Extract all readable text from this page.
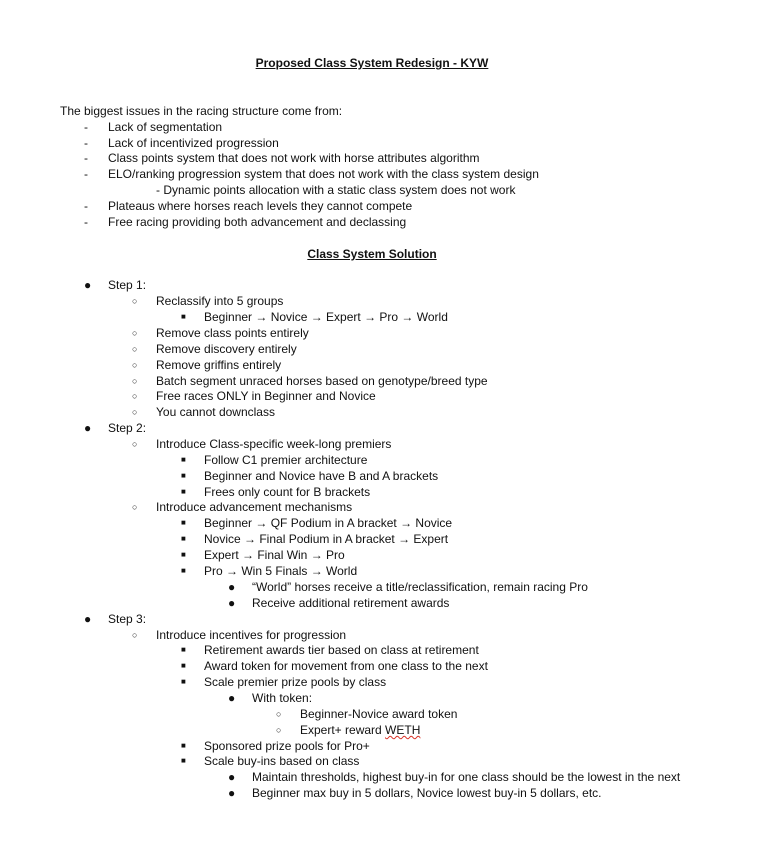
Proposed Class System Redesign - KYW
The biggest issues in the racing structure come from:
- Lack of segmentation
- Lack of incentivized progression
- Class points system that does not work with horse attributes algorithm
- ELO/ranking progression system that does not work with the class system design
- Dynamic points allocation with a static class system does not work
- Plateaus where horses reach levels they cannot compete
- Free racing providing both advancement and declassing
Class System Solution
● Step 1:
○ Reclassify into 5 groups
■ Beginner → Novice → Expert → Pro → World
○ Remove class points entirely
○ Remove discovery entirely
○ Remove griffins entirely
○ Batch segment unraced horses based on genotype/breed type
○ Free races ONLY in Beginner and Novice
○ You cannot downclass
● Step 2:
○ Introduce Class-specific week-long premiers
■ Follow C1 premier architecture
■ Beginner and Novice have B and A brackets
■ Frees only count for B brackets
○ Introduce advancement mechanisms
■ Beginner → QF Podium in A bracket → Novice
■ Novice → Final Podium in A bracket → Expert
■ Expert → Final Win → Pro
■ Pro → Win 5 Finals → World
● “World” horses receive a title/reclassification, remain racing Pro
● Receive additional retirement awards
● Step 3:
○ Introduce incentives for progression
■ Retirement awards tier based on class at retirement
■ Award token for movement from one class to the next
■ Scale premier prize pools by class
● With token:
○ Beginner-Novice award token
○ Expert+ reward WETH
■ Sponsored prize pools for Pro+
■ Scale buy-ins based on class
● Maintain thresholds, highest buy-in for one class should be the lowest in the next
● Beginner max buy in 5 dollars, Novice lowest buy-in 5 dollars, etc.
